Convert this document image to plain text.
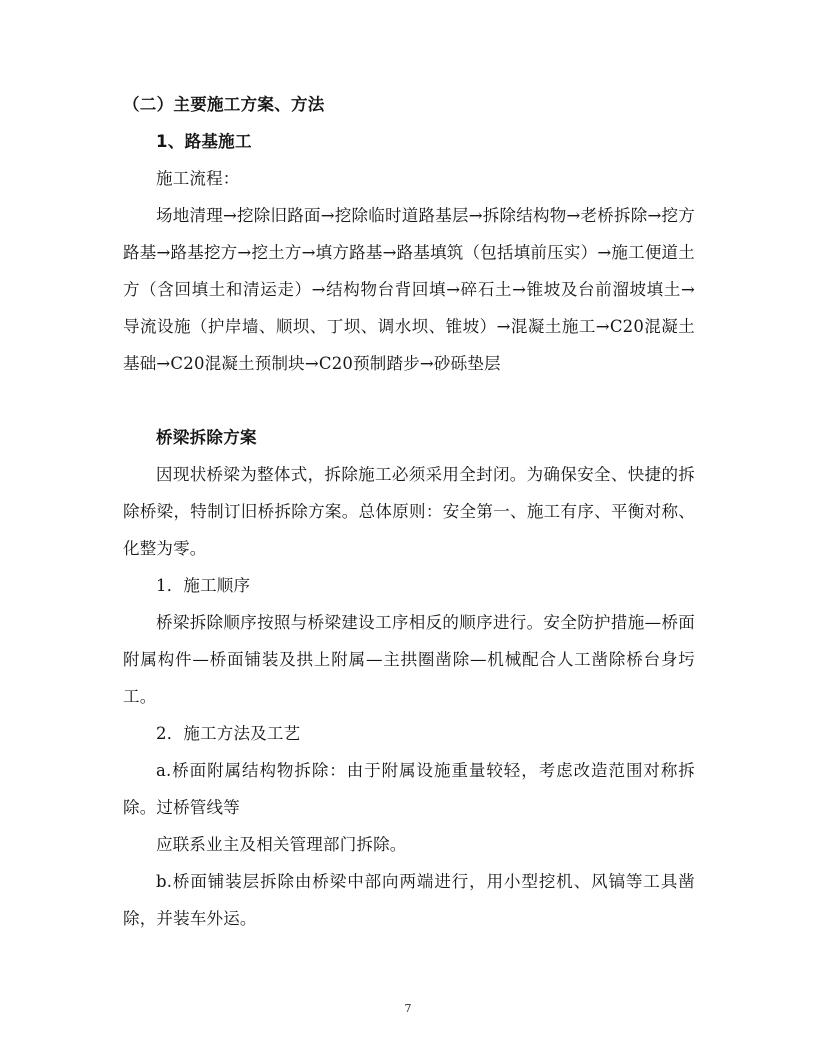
（二）主要施工方案、方法

1、路基施工

施工流程：

场地清理→挖除旧路面→挖除临时道路基层→拆除结构物→老桥拆除→挖方路基→路基挖方→挖土方→填方路基→路基填筑（包括填前压实）→施工便道土方（含回填土和清运走）→结构物台背回填→碎石土→锥坡及台前溜坡填土→导流设施（护岸墙、顺坝、丁坝、调水坝、锥坡）→混凝土施工→C20混凝土基础→C20混凝土预制块→C20预制踏步→砂砾垫层

桥梁拆除方案

因现状桥梁为整体式，拆除施工必须采用全封闭。为确保安全、快捷的拆除桥梁，特制订旧桥拆除方案。总体原则：安全第一、施工有序、平衡对称、化整为零。

1．施工顺序

桥梁拆除顺序按照与桥梁建设工序相反的顺序进行。安全防护措施—桥面附属构件—桥面铺装及拱上附属—主拱圈凿除—机械配合人工凿除桥台身圬工。

2．施工方法及工艺

a.桥面附属结构物拆除：由于附属设施重量较轻，考虑改造范围对称拆除。过桥管线等

应联系业主及相关管理部门拆除。

b.桥面铺装层拆除由桥梁中部向两端进行，用小型挖机、风镐等工具凿除，并装车外运。

7
